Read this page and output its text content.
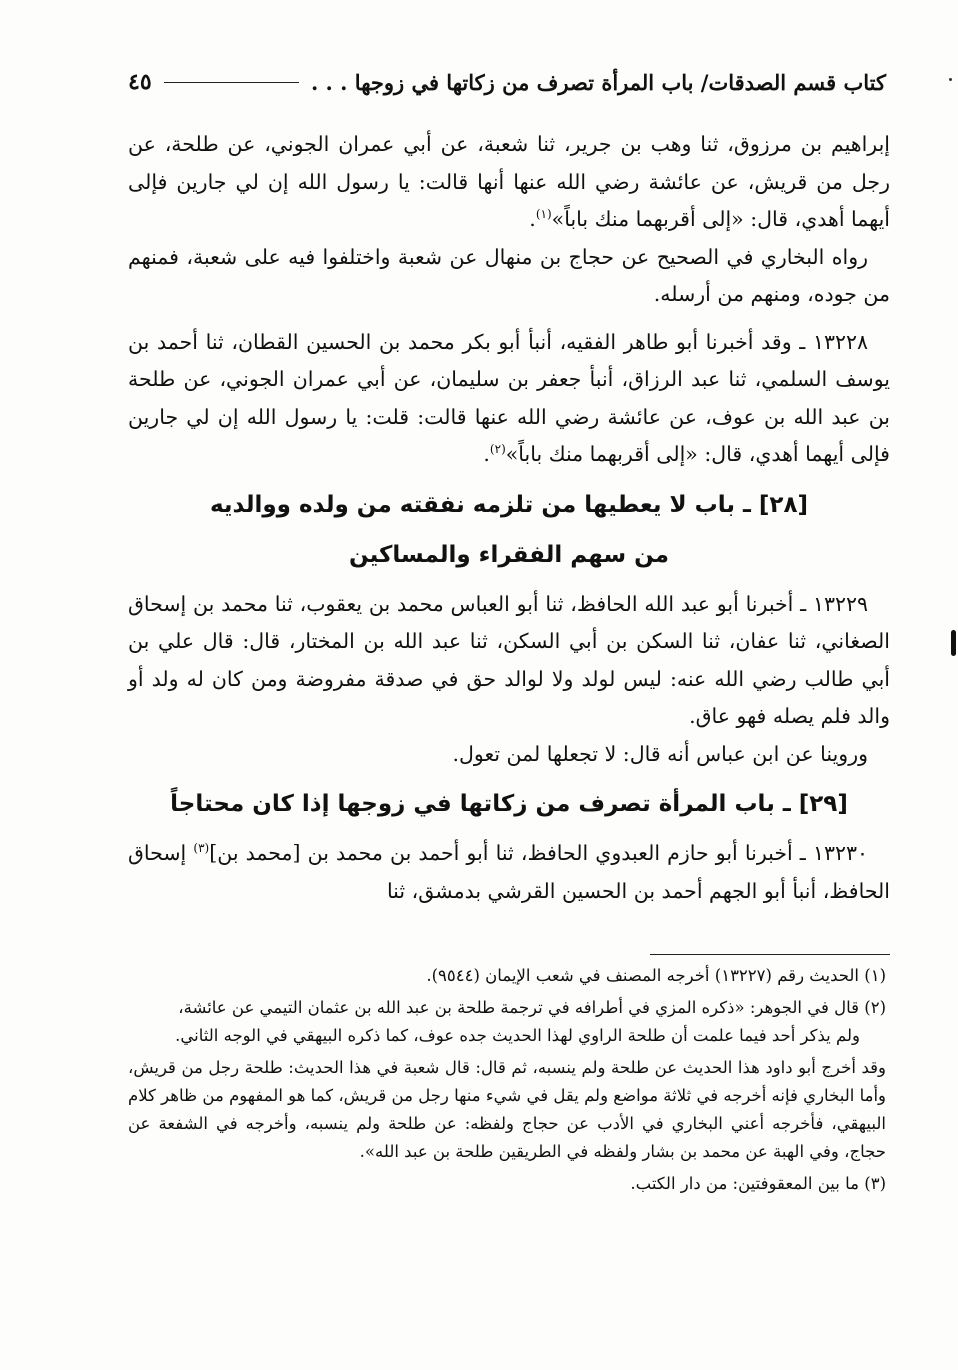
٤٥	كتاب قسم الصدقات/ باب المرأة تصرف من زكاتها في زوجها . . .

إبراهيم بن مرزوق، ثنا وهب بن جرير، ثنا شعبة، عن أبي عمران الجوني، عن طلحة، عن رجل من قريش، عن عائشة رضي الله عنها أنها قالت: يا رسول الله إن لي جارين فإلى أيهما أهدي، قال: «إلى أقربهما منك باباً»$^{(١)}$.

رواه البخاري في الصحيح عن حجاج بن منهال عن شعبة واختلفوا فيه على شعبة، فمنهم من جوده، ومنهم من أرسله.

١٣٢٢٨ ـ وقد أخبرنا أبو طاهر الفقيه، أنبأ أبو بكر محمد بن الحسين القطان، ثنا أحمد بن يوسف السلمي، ثنا عبد الرزاق، أنبأ جعفر بن سليمان، عن أبي عمران الجوني، عن طلحة بن عبد الله بن عوف، عن عائشة رضي الله عنها قالت: قلت: يا رسول الله إن لي جارين فإلى أيهما أهدي، قال: «إلى أقربهما منك باباً»$^{(٢)}$.

[٢٨] ـ باب لا يعطيها من تلزمه نفقته من ولده ووالديه
من سهم الفقراء والمساكين

١٣٢٢٩ ـ أخبرنا أبو عبد الله الحافظ، ثنا أبو العباس محمد بن يعقوب، ثنا محمد بن إسحاق الصغاني، ثنا عفان، ثنا السكن بن أبي السكن، ثنا عبد الله بن المختار، قال: قال علي بن أبي طالب رضي الله عنه: ليس لولد ولا لوالد حق في صدقة مفروضة ومن كان له ولد أو والد فلم يصله فهو عاق.

وروينا عن ابن عباس أنه قال: لا تجعلها لمن تعول.

[٢٩] ـ باب المرأة تصرف من زكاتها في زوجها إذا كان محتاجاً

١٣٢٣٠ ـ أخبرنا أبو حازم العبدوي الحافظ، ثنا أبو أحمد بن محمد بن [محمد بن]$^{(٣)}$ إسحاق الحافظ، أنبأ أبو الجهم أحمد بن الحسين القرشي بدمشق، ثنا

(١) الحديث رقم (١٣٢٢٧) أخرجه المصنف في شعب الإيمان (٩٥٤٤).

(٢) قال في الجوهر: «ذكره المزي في أطرافه في ترجمة طلحة بن عبد الله بن عثمان التيمي عن عائشة،

ولم يذكر أحد فيما علمت أن طلحة الراوي لهذا الحديث جده عوف، كما ذكره البيهقي في الوجه الثاني.

وقد أخرج أبو داود هذا الحديث عن طلحة ولم ينسبه، ثم قال: قال شعبة في هذا الحديث: طلحة رجل من قريش، وأما البخاري فإنه أخرجه في ثلاثة مواضع ولم يقل في شيء منها رجل من قريش، كما هو المفهوم من ظاهر كلام البيهقي، فأخرجه أعني البخاري في الأدب عن حجاج ولفظه: عن طلحة ولم ينسبه، وأخرجه في الشفعة عن حجاج، وفي الهبة عن محمد بن بشار ولفظه في الطريقين طلحة بن عبد الله».

(٣) ما بين المعقوفتين: من دار الكتب.
